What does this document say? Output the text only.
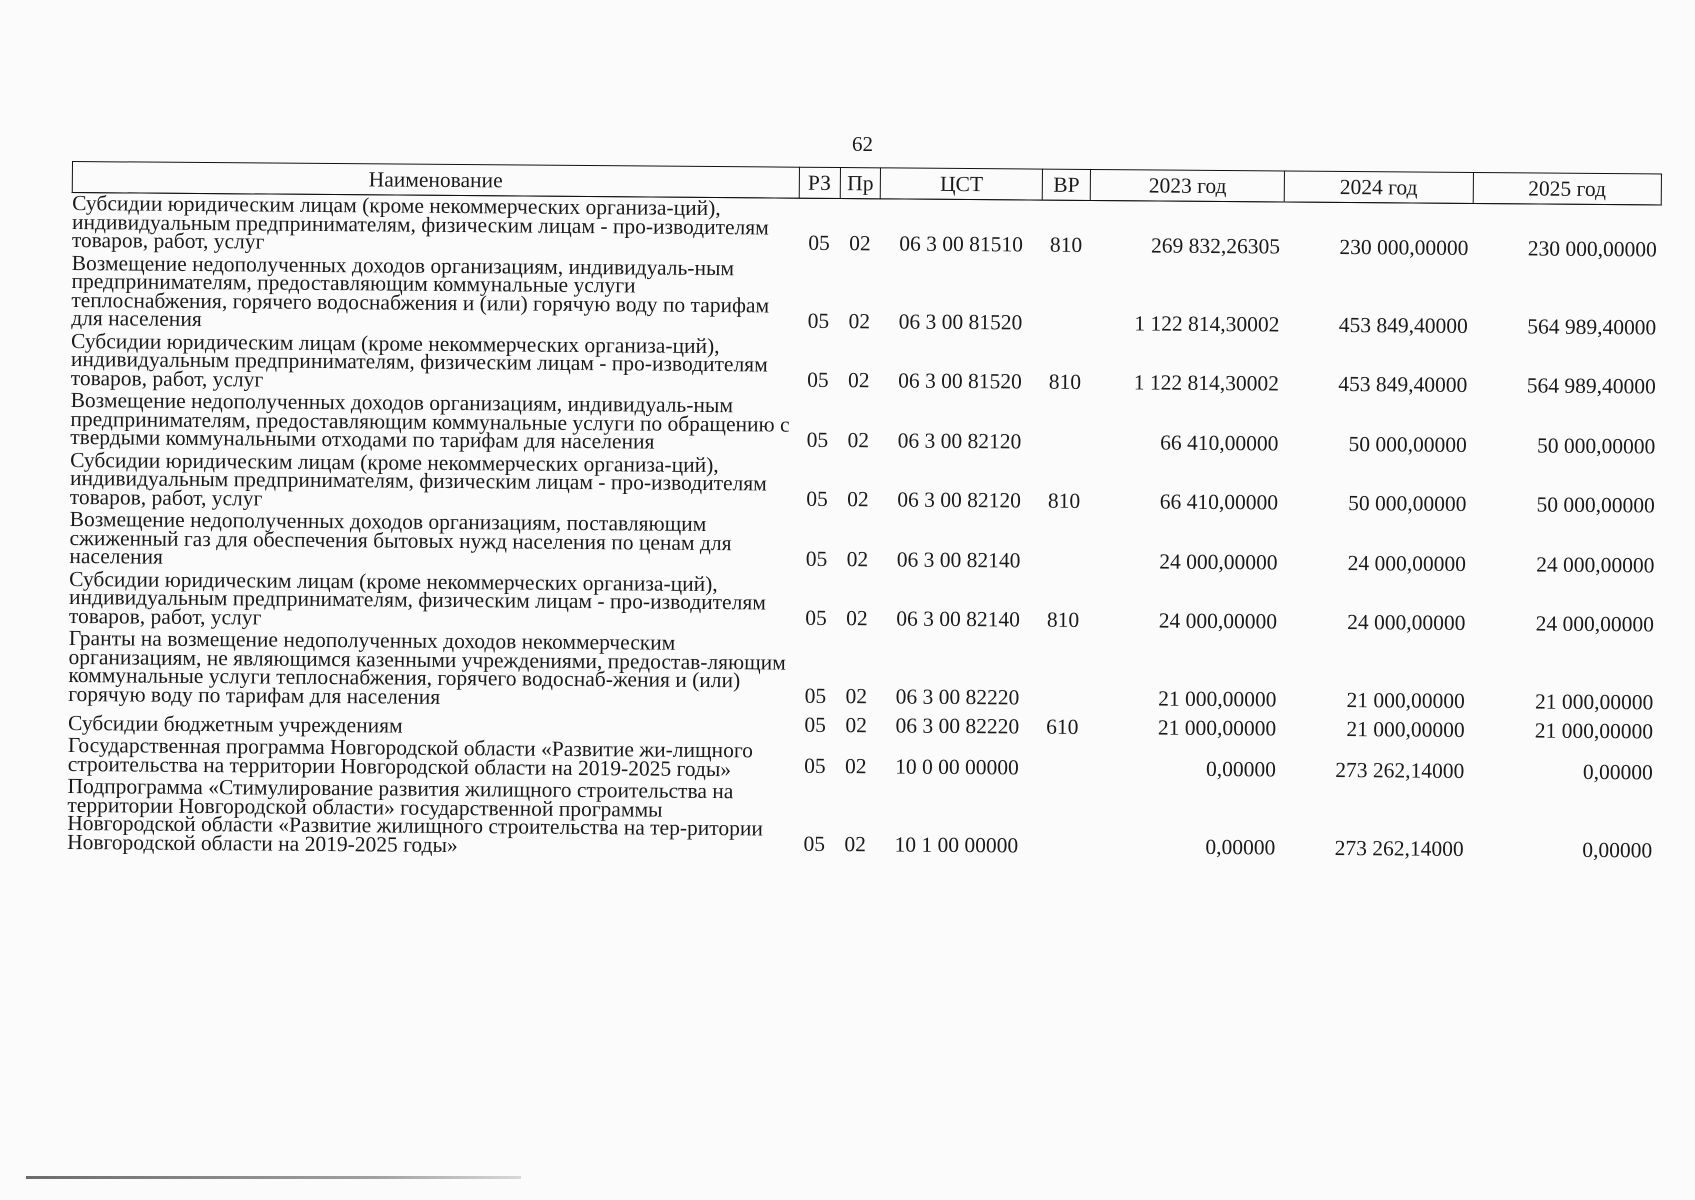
62
Наименование	РЗ	Пр	ЦСТ	ВР	2023 год	2024 год	2025 год
Субсидии юридическим лицам (кроме некоммерческих организа-ций), индивидуальным предпринимателям, физическим лицам - про-изводителям товаров, работ, услуг	05	02	06 3 00 81510	810	269 832,26305	230 000,00000	230 000,00000
Возмещение недополученных доходов организациям, индивидуаль-ным предпринимателям, предоставляющим коммунальные услуги теплоснабжения, горячего водоснабжения и (или) горячую воду по тарифам для населения	05	02	06 3 00 81520		1 122 814,30002	453 849,40000	564 989,40000
Субсидии юридическим лицам (кроме некоммерческих организа-ций), индивидуальным предпринимателям, физическим лицам - про-изводителям товаров, работ, услуг	05	02	06 3 00 81520	810	1 122 814,30002	453 849,40000	564 989,40000
Возмещение недополученных доходов организациям, индивидуаль-ным предпринимателям, предоставляющим коммунальные услуги по обращению с твердыми коммунальными отходами по тарифам для населения	05	02	06 3 00 82120		66 410,00000	50 000,00000	50 000,00000
Субсидии юридическим лицам (кроме некоммерческих организа-ций), индивидуальным предпринимателям, физическим лицам - про-изводителям товаров, работ, услуг	05	02	06 3 00 82120	810	66 410,00000	50 000,00000	50 000,00000
Возмещение недополученных доходов организациям, поставляющим сжиженный газ для обеспечения бытовых нужд населения по ценам для населения	05	02	06 3 00 82140		24 000,00000	24 000,00000	24 000,00000
Субсидии юридическим лицам (кроме некоммерческих организа-ций), индивидуальным предпринимателям, физическим лицам - про-изводителям товаров, работ, услуг	05	02	06 3 00 82140	810	24 000,00000	24 000,00000	24 000,00000
Гранты на возмещение недополученных доходов некоммерческим организациям, не являющимся казенными учреждениями, предостав-ляющим коммунальные услуги теплоснабжения, горячего водоснаб-жения и (или) горячую воду по тарифам для населения	05	02	06 3 00 82220		21 000,00000	21 000,00000	21 000,00000
Субсидии бюджетным учреждениям	05	02	06 3 00 82220	610	21 000,00000	21 000,00000	21 000,00000
Государственная программа Новгородской области «Развитие жи-лищного строительства на территории Новгородской области на 2019-2025 годы»	05	02	10 0 00 00000		0,00000	273 262,14000	0,00000
Подпрограмма «Стимулирование развития жилищного строительства на территории Новгородской области» государственной программы Новгородской области «Развитие жилищного строительства на тер-ритории Новгородской области на 2019-2025 годы»	05	02	10 1 00 00000		0,00000	273 262,14000	0,00000
